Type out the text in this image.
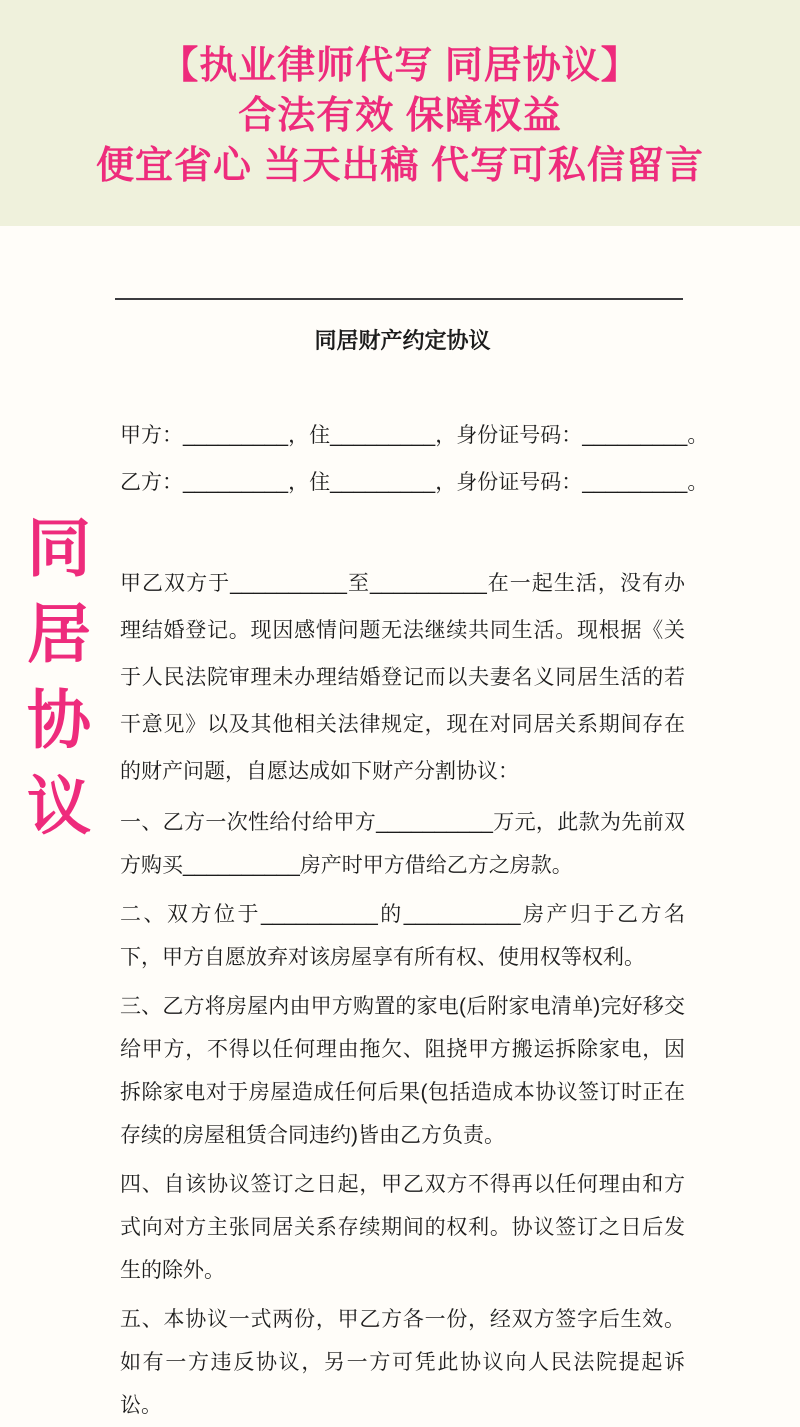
【执业律师代写 同居协议】
合法有效 保障权益
便宜省心 当天出稿 代写可私信留言
同居协议
同居财产约定协议
甲方：_________，住_________，身份证号码：_________。
乙方：_________，住_________，身份证号码：_________。

甲乙双方于__________至__________在一起生活，没有办理结婚登记。现因感情问题无法继续共同生活。现根据《关于人民法院审理未办理结婚登记而以夫妻名义同居生活的若干意见》以及其他相关法律规定，现在对同居关系期间存在的财产问题，自愿达成如下财产分割协议：

一、乙方一次性给付给甲方__________万元，此款为先前双方购买__________房产时甲方借给乙方之房款。

二、双方位于__________的__________房产归于乙方名下，甲方自愿放弃对该房屋享有所有权、使用权等权利。

三、乙方将房屋内由甲方购置的家电(后附家电清单)完好移交给甲方，不得以任何理由拖欠、阻挠甲方搬运拆除家电，因拆除家电对于房屋造成任何后果(包括造成本协议签订时正在存续的房屋租赁合同违约)皆由乙方负责。

四、自该协议签订之日起，甲乙双方不得再以任何理由和方式向对方主张同居关系存续期间的权利。协议签订之日后发生的除外。

五、本协议一式两份，甲乙方各一份，经双方签字后生效。如有一方违反协议，另一方可凭此协议向人民法院提起诉讼。
